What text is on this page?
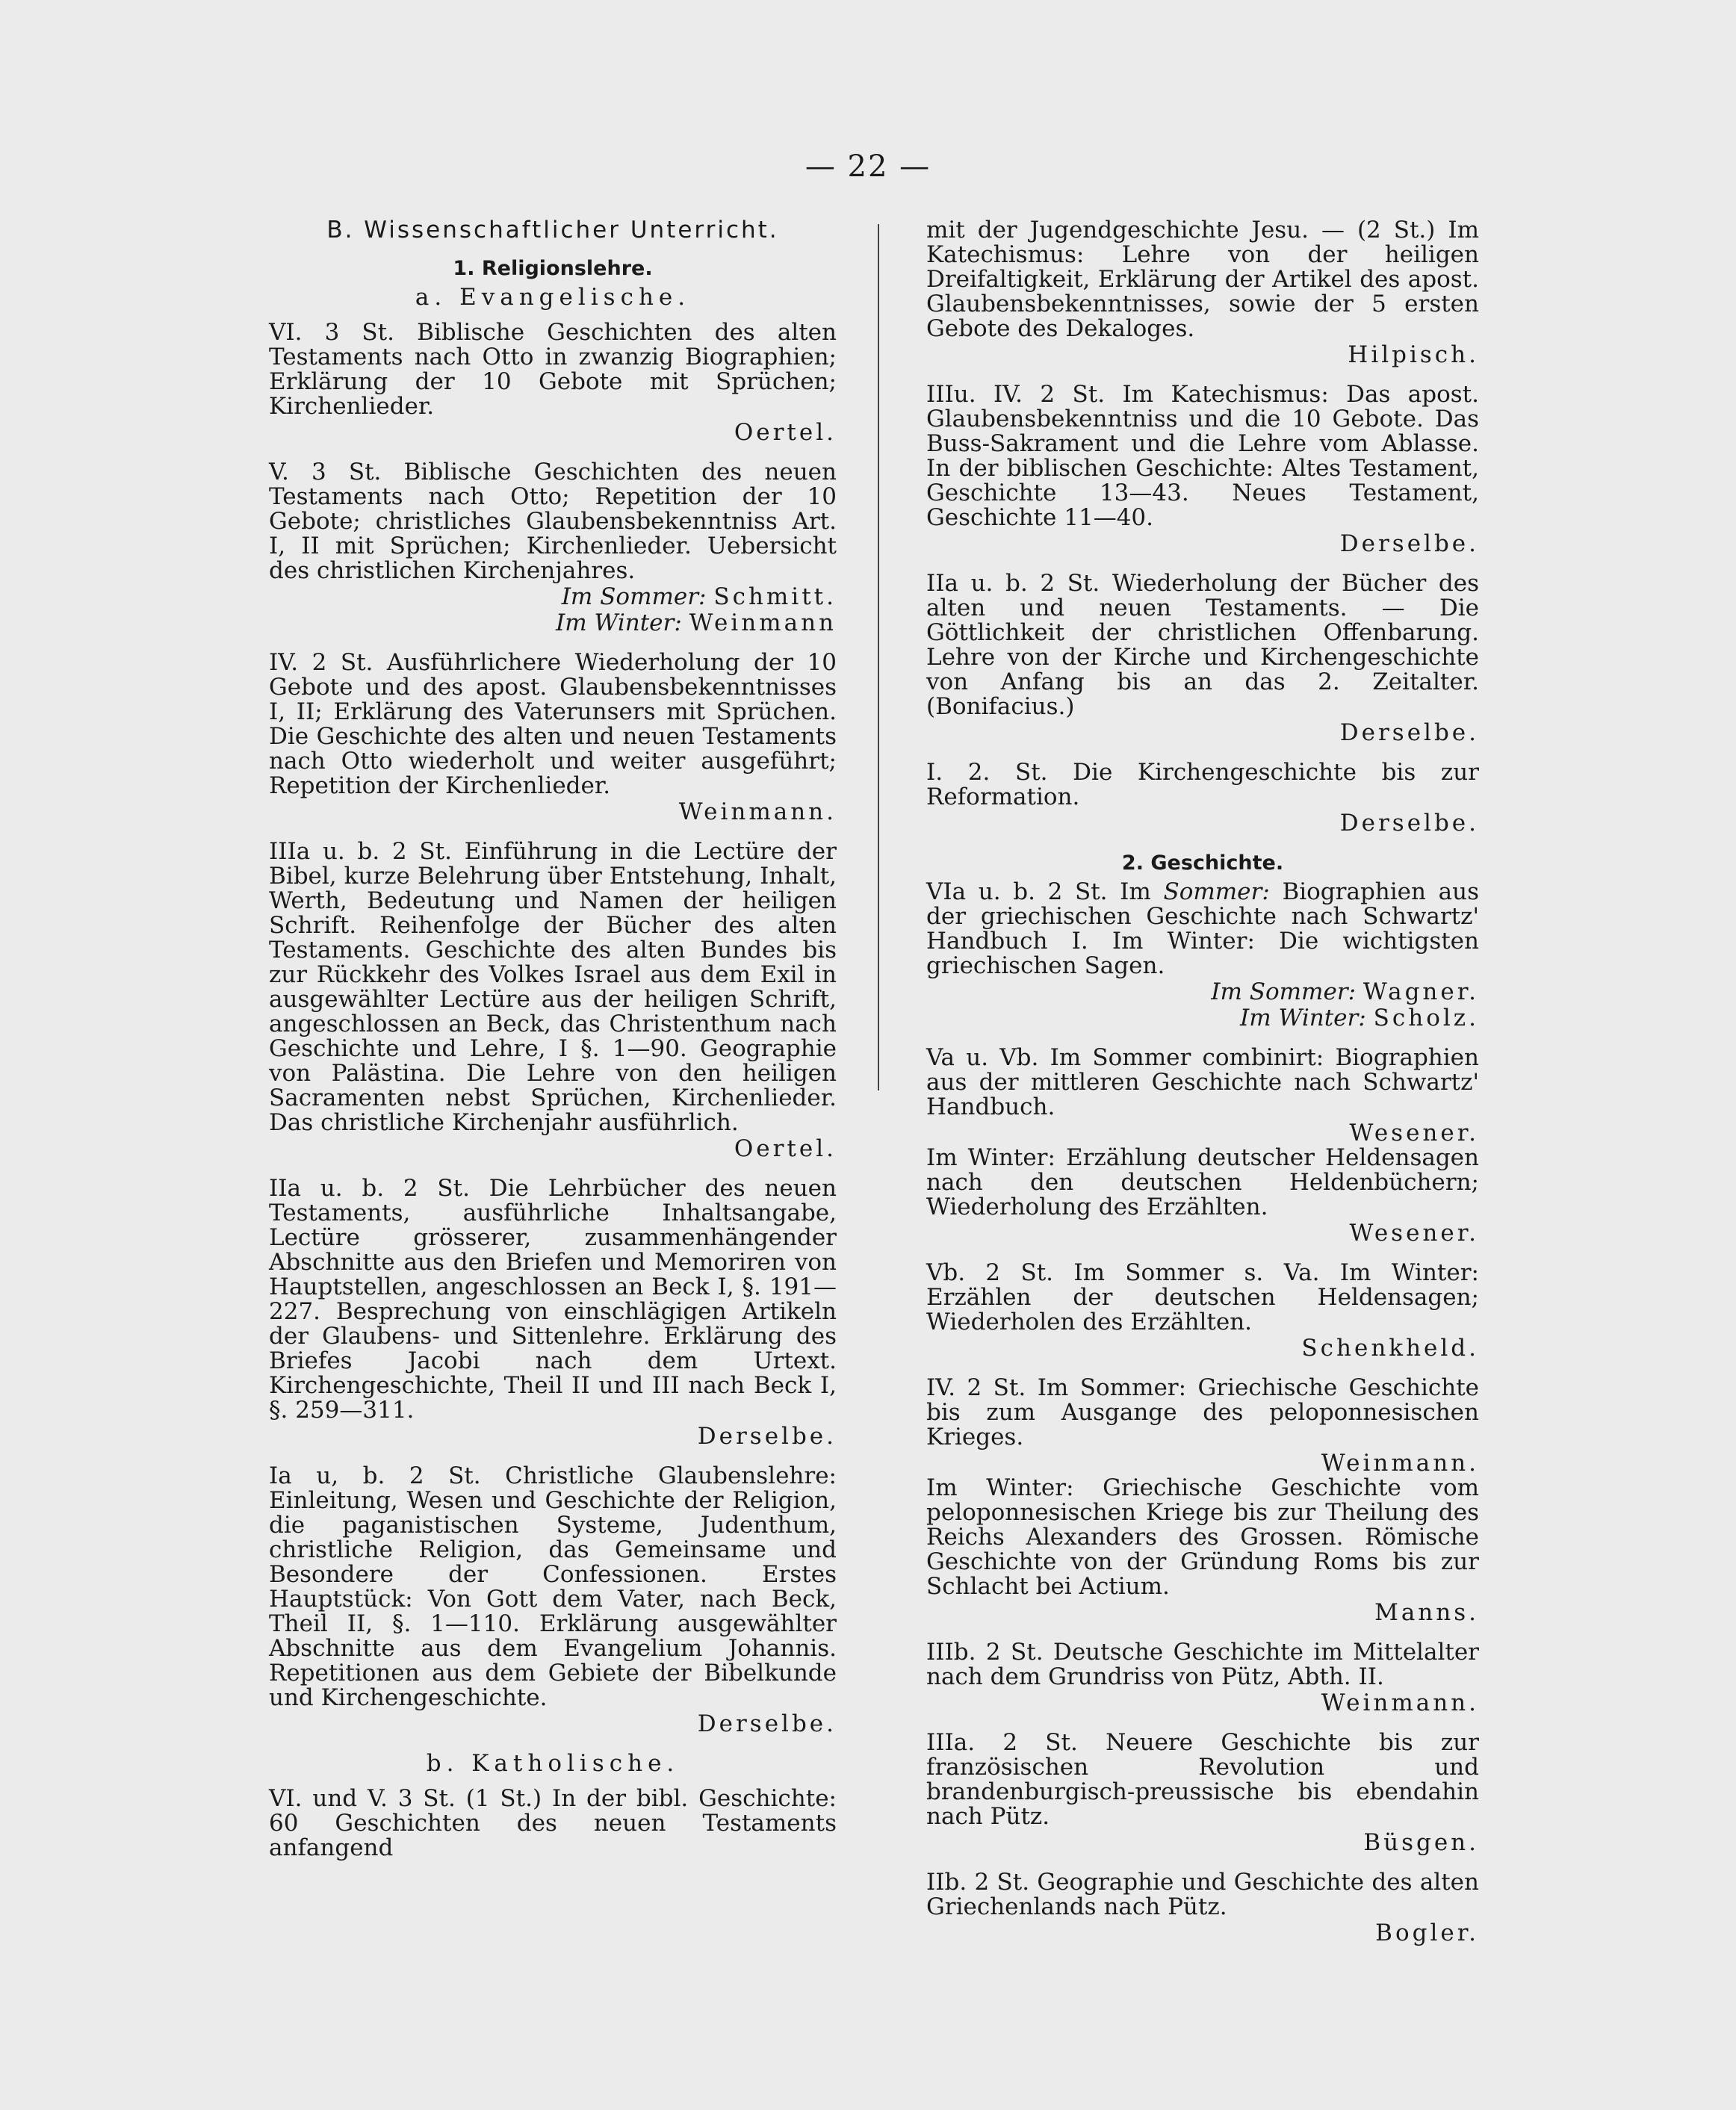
— 22 —
B. Wissenschaftlicher Unterricht.
1. Religionslehre.
a. Evangelische.

VI. 3 St. Biblische Geschichten des alten Testaments nach Otto in zwanzig Biographien; Erklärung der 10 Gebote mit Sprüchen; Kirchenlieder.

Oertel.

V. 3 St. Biblische Geschichten des neuen Testaments nach Otto; Repetition der 10 Gebote; christliches Glaubensbekenntniss Art. I, II mit Sprüchen; Kirchenlieder. Uebersicht des christlichen Kirchenjahres.

Im Sommer: Schmitt.
Im Winter: Weinmann

IV. 2 St. Ausführlichere Wiederholung der 10 Gebote und des apost. Glaubensbekenntnisses I, II; Erklärung des Vaterunsers mit Sprüchen. Die Geschichte des alten und neuen Testaments nach Otto wiederholt und weiter ausgeführt; Repetition der Kirchenlieder.

Weinmann.

IIIa u. b. 2 St. Einführung in die Lectüre der Bibel, kurze Belehrung über Entstehung, Inhalt, Werth, Bedeutung und Namen der heiligen Schrift. Reihenfolge der Bücher des alten Testaments. Geschichte des alten Bundes bis zur Rückkehr des Volkes Israel aus dem Exil in ausgewählter Lectüre aus der heiligen Schrift, angeschlossen an Beck, das Christenthum nach Geschichte und Lehre, I §. 1—90. Geographie von Palästina. Die Lehre von den heiligen Sacramenten nebst Sprüchen, Kirchenlieder. Das christliche Kirchenjahr ausführlich.

Oertel.

IIa u. b. 2 St. Die Lehrbücher des neuen Testaments, ausführliche Inhaltsangabe, Lectüre grösserer, zusammenhängender Abschnitte aus den Briefen und Memoriren von Hauptstellen, angeschlossen an Beck I, §. 191—227. Besprechung von einschlägigen Artikeln der Glaubens- und Sittenlehre. Erklärung des Briefes Jacobi nach dem Urtext. Kirchengeschichte, Theil II und III nach Beck I, §. 259—311.

Derselbe.

Ia u, b. 2 St. Christliche Glaubenslehre: Einleitung, Wesen und Geschichte der Religion, die paganistischen Systeme, Judenthum, christliche Religion, das Gemeinsame und Besondere der Confessionen. Erstes Hauptstück: Von Gott dem Vater, nach Beck, Theil II, §. 1—110. Erklärung ausgewählter Abschnitte aus dem Evangelium Johannis. Repetitionen aus dem Gebiete der Bibelkunde und Kirchengeschichte.

Derselbe.
b. Katholische.

VI. und V. 3 St. (1 St.) In der bibl. Geschichte: 60 Geschichten des neuen Testaments anfangend

mit der Jugendgeschichte Jesu. — (2 St.) Im Katechismus: Lehre von der heiligen Dreifaltigkeit, Erklärung der Artikel des apost. Glaubensbekenntnisses, sowie der 5 ersten Gebote des Dekaloges.

Hilpisch.

IIIu. IV. 2 St. Im Katechismus: Das apost. Glaubensbekenntniss und die 10 Gebote. Das Buss-Sakrament und die Lehre vom Ablasse. In der biblischen Geschichte: Altes Testament, Geschichte 13—43. Neues Testament, Geschichte 11—40.

Derselbe.

IIa u. b. 2 St. Wiederholung der Bücher des alten und neuen Testaments. — Die Göttlichkeit der christlichen Offenbarung. Lehre von der Kirche und Kirchengeschichte von Anfang bis an das 2. Zeitalter. (Bonifacius.)

Derselbe.

I. 2. St. Die Kirchengeschichte bis zur Reformation.

Derselbe.
2. Geschichte.

VIa u. b. 2 St. Im Sommer: Biographien aus der griechischen Geschichte nach Schwartz' Handbuch I. Im Winter: Die wichtigsten griechischen Sagen.

Im Sommer: Wagner.
Im Winter: Scholz.

Va u. Vb. Im Sommer combinirt: Biographien aus der mittleren Geschichte nach Schwartz' Handbuch.

Wesener.

Im Winter: Erzählung deutscher Heldensagen nach den deutschen Heldenbüchern; Wiederholung des Erzählten.

Wesener.

Vb. 2 St. Im Sommer s. Va. Im Winter: Erzählen der deutschen Heldensagen; Wiederholen des Erzählten.

Schenkheld.

IV. 2 St. Im Sommer: Griechische Geschichte bis zum Ausgange des peloponnesischen Krieges.

Weinmann.

Im Winter: Griechische Geschichte vom peloponnesischen Kriege bis zur Theilung des Reichs Alexanders des Grossen. Römische Geschichte von der Gründung Roms bis zur Schlacht bei Actium.

Manns.

IIIb. 2 St. Deutsche Geschichte im Mittelalter nach dem Grundriss von Pütz, Abth. II.

Weinmann.

IIIa. 2 St. Neuere Geschichte bis zur französischen Revolution und brandenburgisch-preussische bis ebendahin nach Pütz.

Büsgen.

IIb. 2 St. Geographie und Geschichte des alten Griechenlands nach Pütz.

Bogler.
